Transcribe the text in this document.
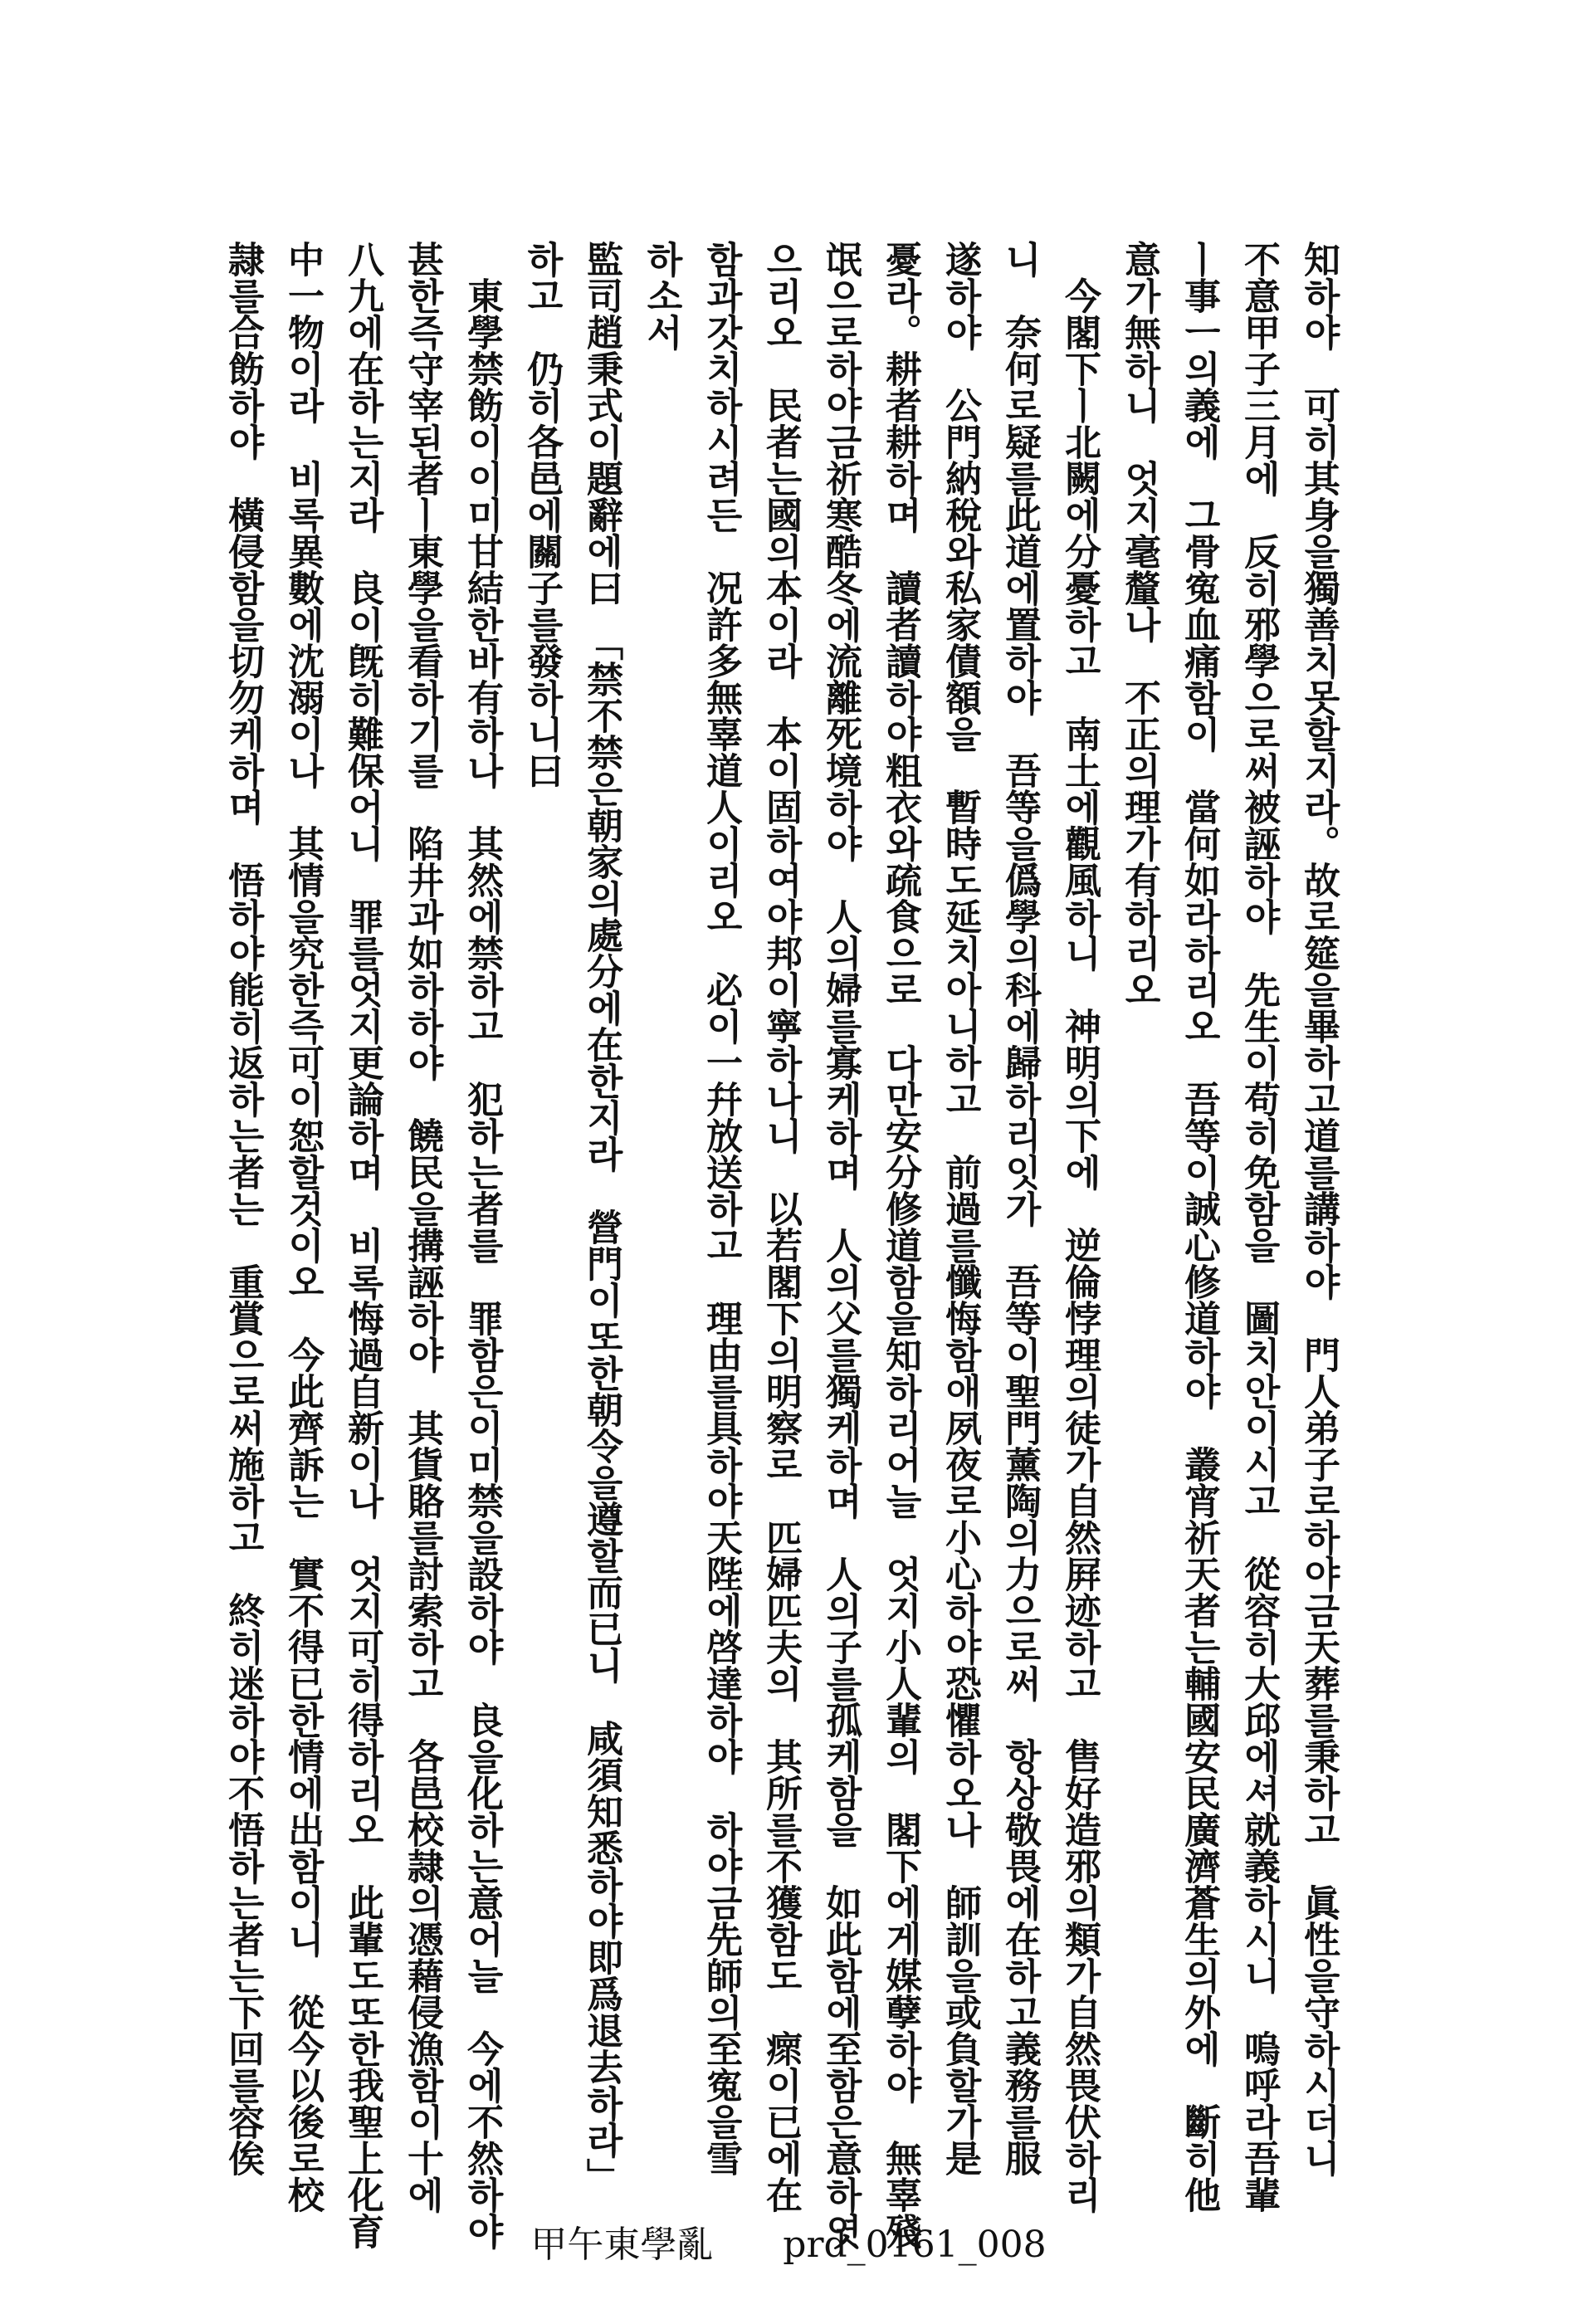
知하야　可히其身을獨善치못할지라。故로筵을畢하고道를講하야　門人弟子로하야금天葬를秉하고　眞性을守하시더니
不意甲子三月에　反히邪學으로써被誣하야　先生이苟히免함을　圖치안이시고　從容히大邱에셔就義하시니　嗚呼라吾輩
ㅣ事ㅡ의義에　그骨寃血痛함이　當何如라하리오　吾等이誠心修道하야　叢宵祈天者는輔國安民廣濟蒼生의外에　斷히他
意가無하니　엇지毫釐나　不正의理가有하리오
今閣下ㅣ北闕에分憂하고　南土에觀風하니　神明의下에　逆倫悖理의徒가自然屛迹하고　售好造邪의類가自然畏伏하리
니　奈何로疑를此道에置하야　吾等을僞學의科에歸하리잇가　吾等이聖門薰陶의力으로써　항상敬畏에在하고義務를服
遂하야　公門納稅와私家債額을　暫時도延치아니하고　前過를懺悔함애夙夜로小心하야恐懼하오나　師訓을或負할가是
憂라。耕者耕하며　讀者讀하야粗衣와疏食으로　다만安分修道함을知하리어늘　엇지小人輩의　閣下에게媒孽하야　無辜殘
氓으로하야금祈寒酷冬에流離死境하야　人의婦를寡케하며　人의父를獨케하며　人의子를孤케함을　如此함에至함은意하엿
으리오　民者는國의本이라　本이固하여야邦이寧하나니　以若閣下의明察로　匹婦匹夫의　其所를不獲함도　瘝이已에在
함과갓치하시려든　况許多無辜道人이리오　必이一幷放送하고　理由를具하야天陛에啓達하야　하야금先師의至寃을雪
하소서
監司趙秉式이題辭에曰　「禁不禁은朝家의處分에在한지라　營門이또한朝令을遵할而已니　咸須知悉하야即爲退去하라」
하고　仍히各邑에關子를發하니曰
東學禁飭이이미甘結한바有하나　其然에禁하고　犯하는者를　罪함은이미禁을設하야　良을化하는意어늘　今에不然하야
甚한즉守宰된者ㅣ東學을看하기를　陷井과如하하야　饒民을搆誣하야　其貨賂를討索하고　各邑校隷의憑藉侵漁함이十에
八九에在하는지라　良이旣히難保어니　罪를엇지更論하며　비록悔過自新이나　엇지可히得하리오　此輩도또한我聖上化育
中一物이라　비록異數에沈溺이나　其情을究한즉可이恕할것이오　今此齊訴는　實不得已한情에出함이니　從今以後로校
隷를合飭하야　橫侵함을切勿케하며　悟하야能히返하는者는　重賞으로써施하고　終히迷하야不悟하는者는下回를容俟
甲午東學亂 prd_0161_008
